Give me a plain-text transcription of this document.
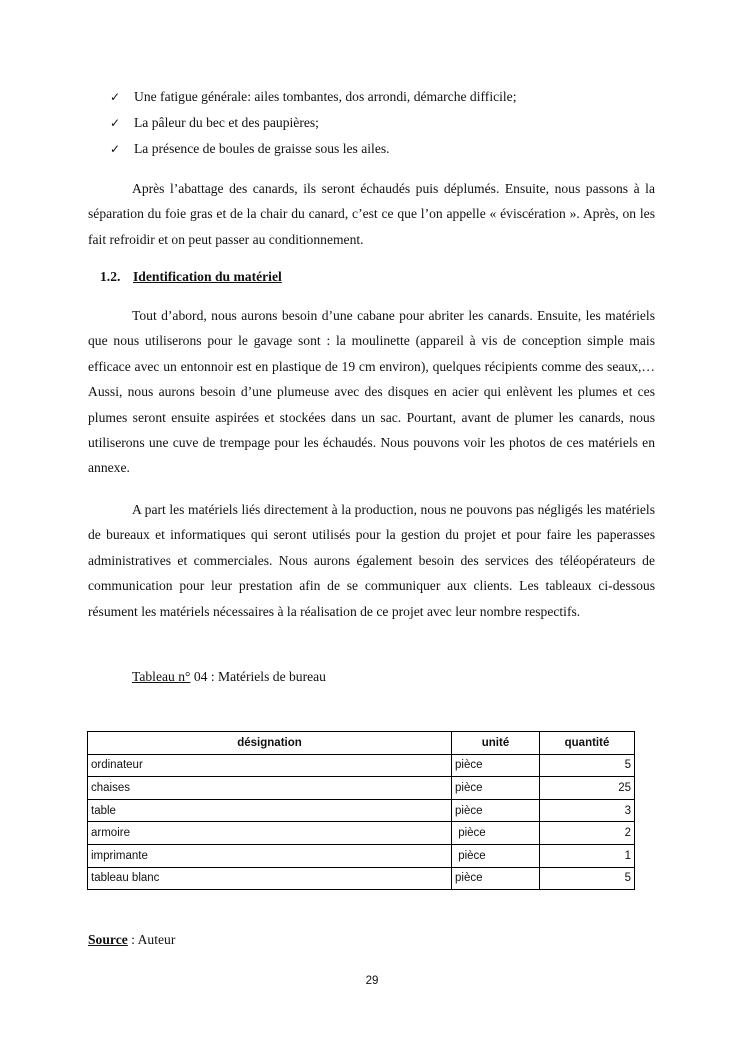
✓	Une fatigue générale: ailes tombantes, dos arrondi, démarche difficile;
✓	La pâleur du bec et des paupières;
✓	La présence de boules de graisse sous les ailes.

Après l’abattage des canards, ils seront échaudés puis déplumés. Ensuite, nous passons à la séparation du foie gras et de la chair du canard, c’est ce que l’on appelle « éviscération ». Après, on les fait refroidir et on peut passer au conditionnement.

1.2. Identification du matériel

Tout d’abord, nous aurons besoin d’une cabane pour abriter les canards. Ensuite, les matériels que nous utiliserons pour le gavage sont : la moulinette (appareil à vis de conception simple mais efficace avec un entonnoir est en plastique de 19 cm environ), quelques récipients comme des seaux,… Aussi, nous aurons besoin d’une plumeuse avec des disques en acier qui enlèvent les plumes et ces plumes seront ensuite aspirées et stockées dans un sac. Pourtant, avant de plumer les canards, nous utiliserons une cuve de trempage pour les échaudés. Nous pouvons voir les photos de ces matériels en annexe.

A part les matériels liés directement à la production, nous ne pouvons pas négligés les matériels de bureaux et informatiques qui seront utilisés pour la gestion du projet et pour faire les paperasses administratives et commerciales. Nous aurons également besoin des services des téléopérateurs de communication pour leur prestation afin de se communiquer aux clients. Les tableaux ci-dessous résument les matériels nécessaires à la réalisation de ce projet avec leur nombre respectifs.

Tableau n° 04 : Matériels de bureau
désignation	unité	quantité
ordinateur	pièce	5
chaises	pièce	25
table	pièce	3
armoire	pièce	2
imprimante	pièce	1
tableau blanc	pièce	5
Source : Auteur
29
